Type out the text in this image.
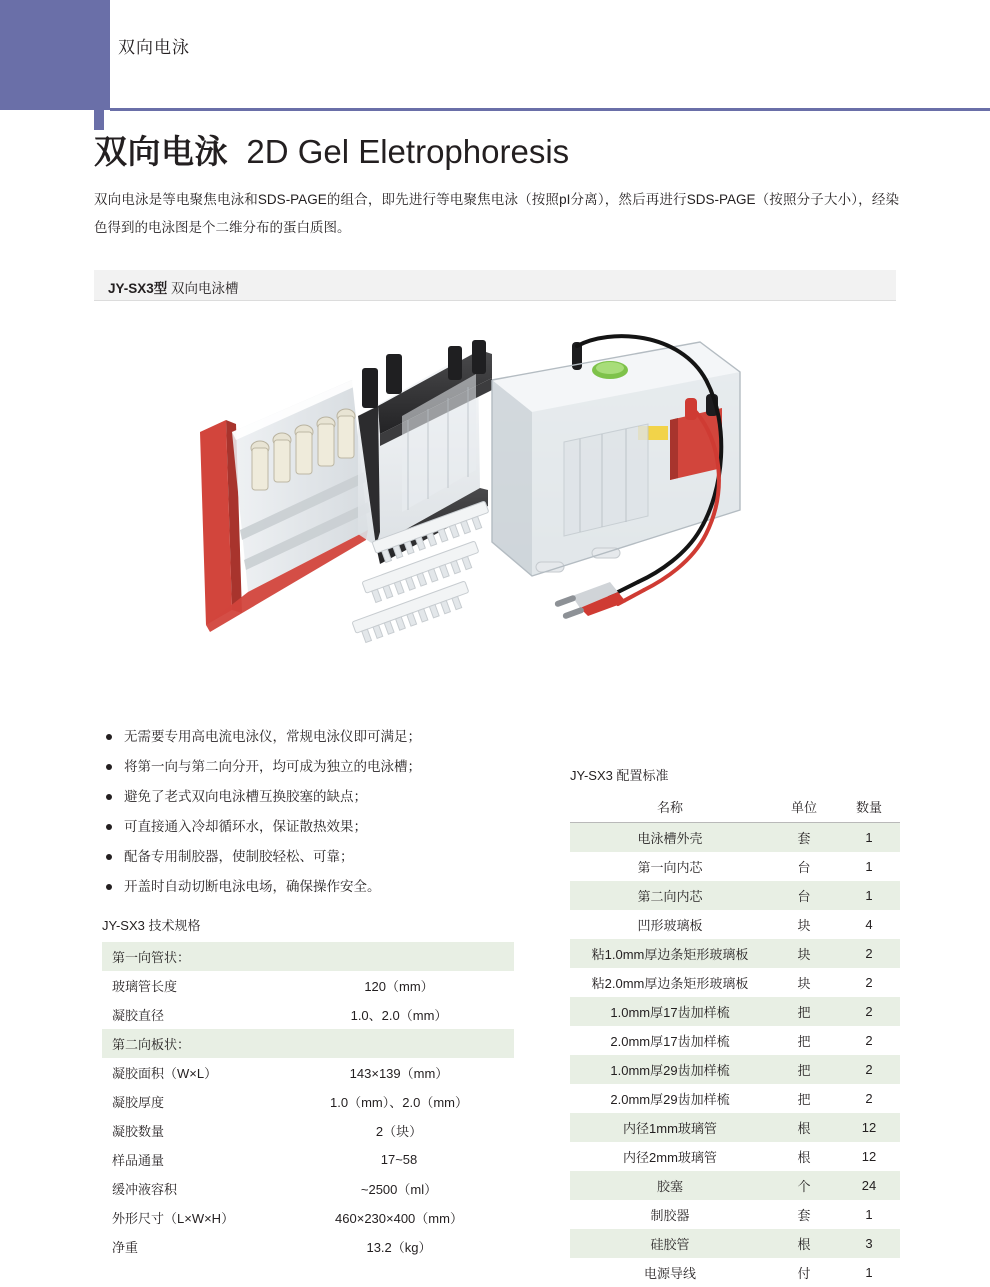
双向电泳
双向电泳 2D Gel Eletrophoresis
双向电泳是等电聚焦电泳和SDS-PAGE的组合，即先进行等电聚焦电泳（按照pI分离），然后再进行SDS-PAGE（按照分子大小），经染色得到的电泳图是个二维分布的蛋白质图。
JY-SX3型 双向电泳槽
无需要专用高电流电泳仪，常规电泳仪即可满足；
将第一向与第二向分开，均可成为独立的电泳槽；
避免了老式双向电泳槽互换胶塞的缺点；
可直接通入冷却循环水，保证散热效果；
配备专用制胶器，使制胶轻松、可靠；
开盖时自动切断电泳电场，确保操作安全。
JY-SX3 技术规格
第一向管状：	
玻璃管长度	120（mm）
凝胶直径	1.0、2.0（mm）
第二向板状：	
凝胶面积（W×L）	143×139（mm）
凝胶厚度	1.0（mm）、2.0（mm）
凝胶数量	2（块）
样品通量	17~58
缓冲液容积	~2500（ml）
外形尺寸（L×W×H）	460×230×400（mm）
净重	13.2（kg）
JY-SX3 配置标准
名称	单位	数量
电泳槽外壳	套	1
第一向内芯	台	1
第二向内芯	台	1
凹形玻璃板	块	4
粘1.0mm厚边条矩形玻璃板	块	2
粘2.0mm厚边条矩形玻璃板	块	2
1.0mm厚17齿加样梳	把	2
2.0mm厚17齿加样梳	把	2
1.0mm厚29齿加样梳	把	2
2.0mm厚29齿加样梳	把	2
内径1mm玻璃管	根	12
内径2mm玻璃管	根	12
胶塞	个	24
制胶器	套	1
硅胶管	根	3
电源导线	付	1
